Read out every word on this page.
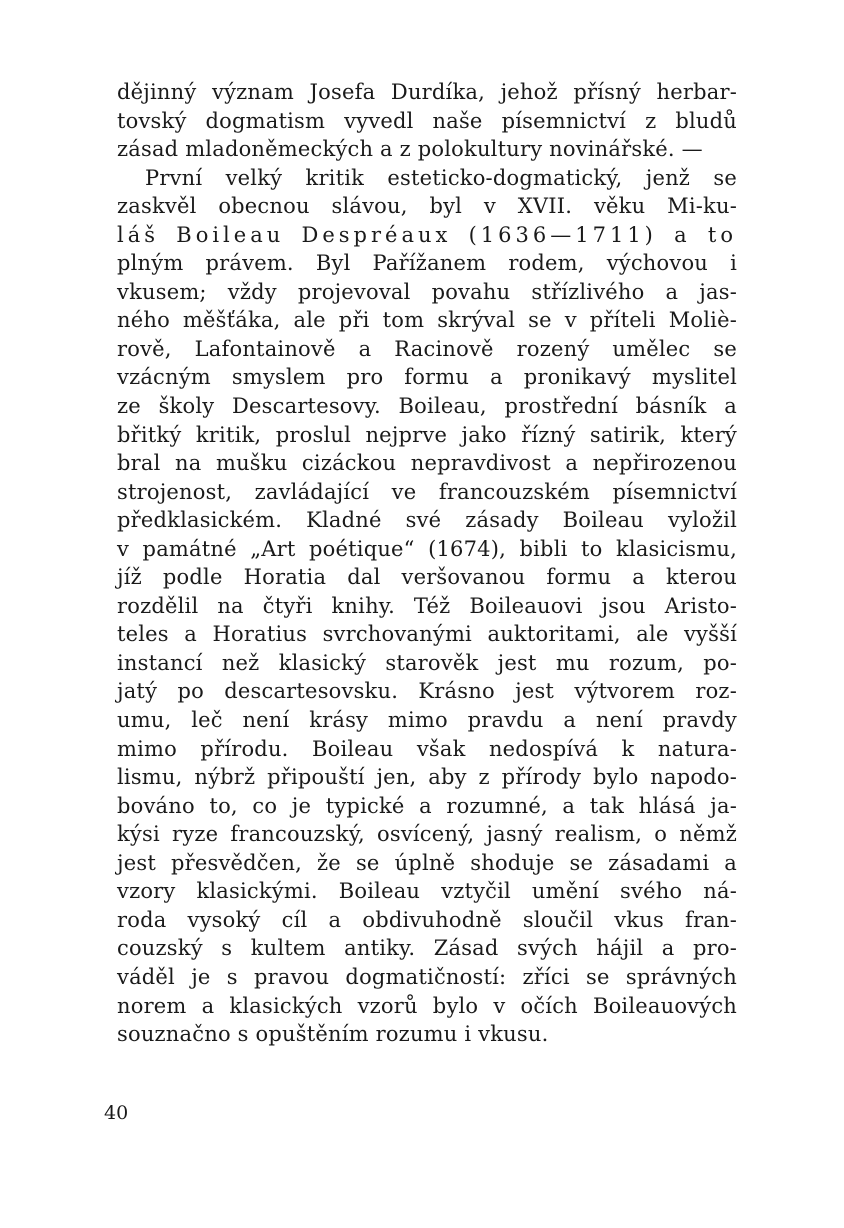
dějinný význam Josefa Durdíka, jehož přísný herbar-
tovský dogmatism vyvedl naše písemnictví z bludů
zásad mladoněmeckých a z polokultury novinářské. —
První velký kritik esteticko-dogmatický, jenž se
zaskvěl obecnou slávou, byl v XVII. věku Mi-ku-
láš Boileau Despréaux (1636—1711) a to
plným právem. Byl Pařížanem rodem, výchovou i
vkusem; vždy projevoval povahu střízlivého a jas-
ného měšťáka, ale při tom skrýval se v příteli Moliè-
rově, Lafontainově a Racinově rozený umělec se
vzácným smyslem pro formu a pronikavý myslitel
ze školy Descartesovy. Boileau, prostřední básník a
břitký kritik, proslul nejprve jako řízný satirik, který
bral na mušku cizáckou nepravdivost a nepřirozenou
strojenost, zavládající ve francouzském písemnictví
předklasickém. Kladné své zásady Boileau vyložil
v památné „Art poétique“ (1674), bibli to klasicismu,
jíž podle Horatia dal veršovanou formu a kterou
rozdělil na čtyři knihy. Též Boileauovi jsou Aristo-
teles a Horatius svrchovanými auktoritami, ale vyšší
instancí než klasický starověk jest mu rozum, po-
jatý po descartesovsku. Krásno jest výtvorem roz-
umu, leč není krásy mimo pravdu a není pravdy
mimo přírodu. Boileau však nedospívá k natura-
lismu, nýbrž připouští jen, aby z přírody bylo napodo-
bováno to, co je typické a rozumné, a tak hlásá ja-
kýsi ryze francouzský, osvícený, jasný realism, o němž
jest přesvědčen, že se úplně shoduje se zásadami a
vzory klasickými. Boileau vztyčil umění svého ná-
roda vysoký cíl a obdivuhodně sloučil vkus fran-
couzský s kultem antiky. Zásad svých hájil a pro-
váděl je s pravou dogmatičností: zříci se správných
norem a klasických vzorů bylo v očích Boileauových
souznačno s opuštěním rozumu i vkusu.
40
